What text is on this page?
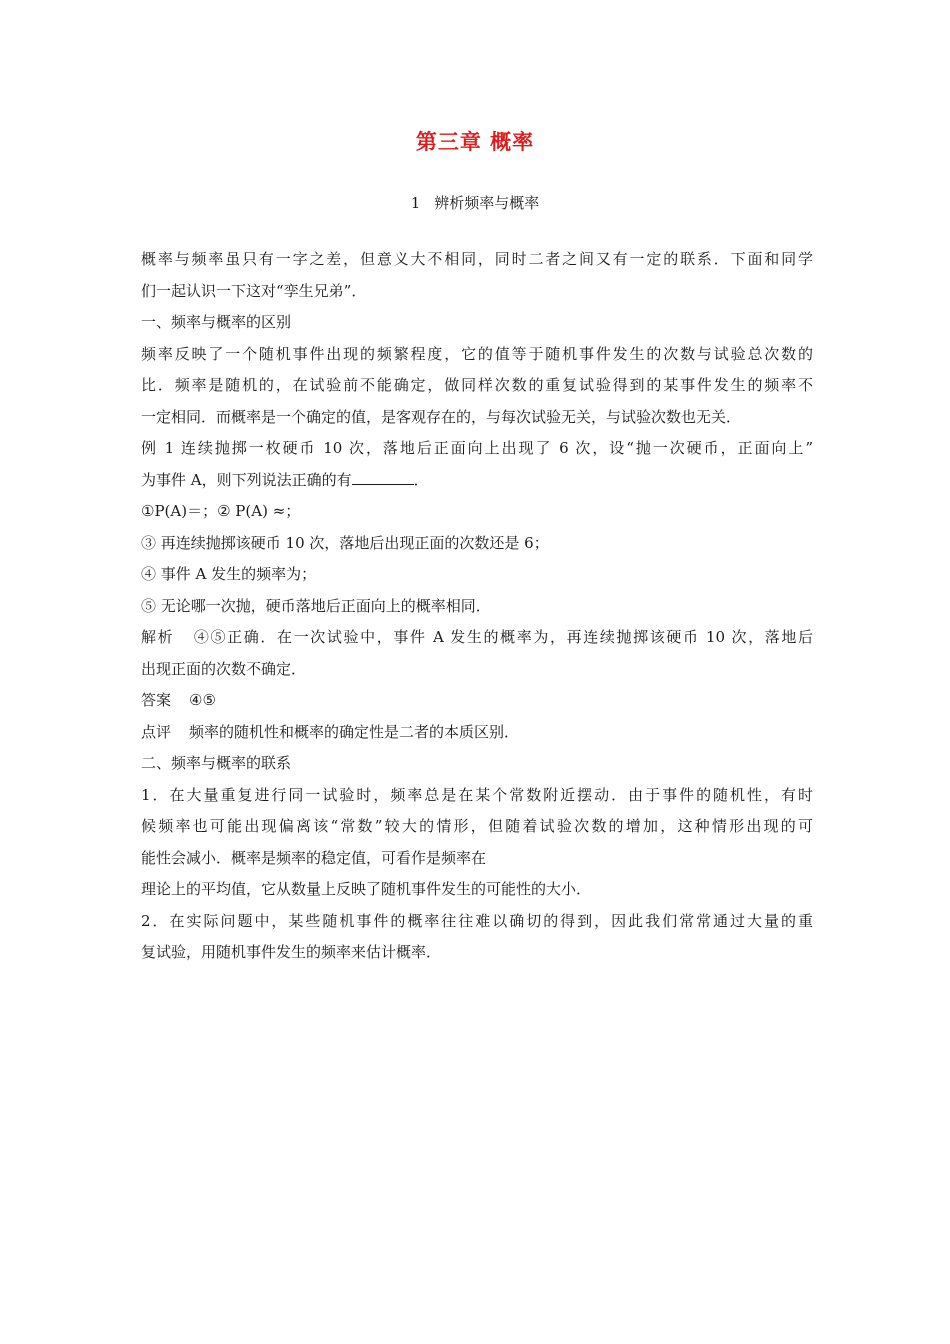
第三章 概率
1 辨析频率与概率
概率与频率虽只有一字之差，但意义大不相同，同时二者之间又有一定的联系．下面和同学
们一起认识一下这对“孪生兄弟”．
一、频率与概率的区别
频率反映了一个随机事件出现的频繁程度，它的值等于随机事件发生的次数与试验总次数的
比．频率是随机的，在试验前不能确定，做同样次数的重复试验得到的某事件发生的频率不
一定相同．而概率是一个确定的值，是客观存在的，与每次试验无关，与试验次数也无关．
例 1 连续抛掷一枚硬币 10 次，落地后正面向上出现了 6 次，设“抛一次硬币，正面向上”
为事件 A，则下列说法正确的有	．
①P(A)＝；② P(A) ≈；
③ 再连续抛掷该硬币 10 次，落地后出现正面的次数还是 6；
④ 事件 A 发生的频率为；
⑤ 无论哪一次抛，硬币落地后正面向上的概率相同．
解析 ④⑤正确．在一次试验中，事件 A 发生的概率为，再连续抛掷该硬币 10 次，落地后
出现正面的次数不确定．
答案 ④⑤
点评 频率的随机性和概率的确定性是二者的本质区别．
二、频率与概率的联系
1．在大量重复进行同一试验时，频率总是在某个常数附近摆动．由于事件的随机性，有时
候频率也可能出现偏离该“常数”较大的情形，但随着试验次数的增加，这种情形出现的可
能性会减小．概率是频率的稳定值，可看作是频率在
理论上的平均值，它从数量上反映了随机事件发生的可能性的大小．
2．在实际问题中，某些随机事件的概率往往难以确切的得到，因此我们常常通过大量的重
复试验，用随机事件发生的频率来估计概率．
